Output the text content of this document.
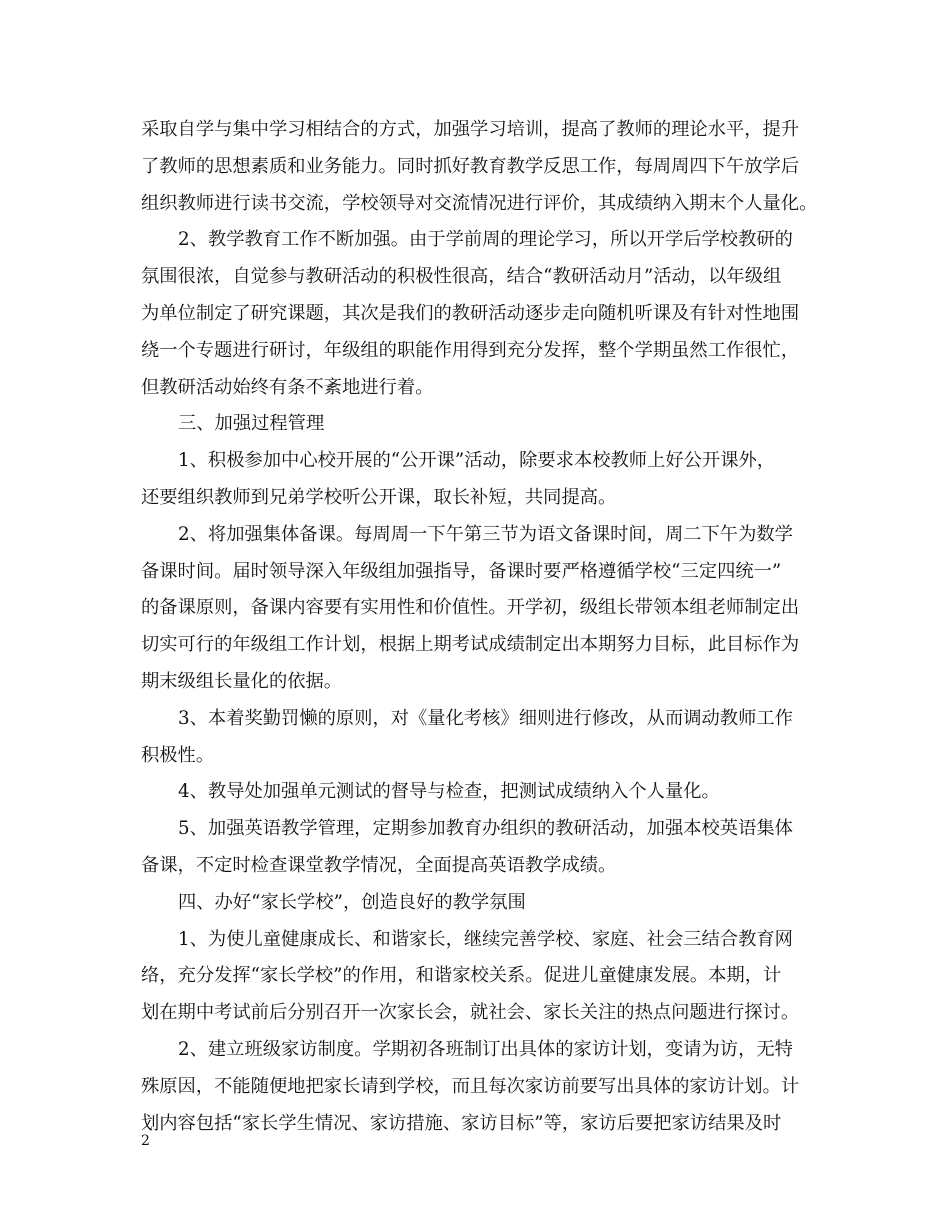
采取自学与集中学习相结合的方式，加强学习培训，提高了教师的理论水平，提升
了教师的思想素质和业务能力。同时抓好教育教学反思工作，每周周四下午放学后
组织教师进行读书交流，学校领导对交流情况进行评价，其成绩纳入期末个人量化。
2、教学教育工作不断加强。由于学前周的理论学习，所以开学后学校教研的
氛围很浓，自觉参与教研活动的积极性很高，结合“教研活动月”活动，以年级组
为单位制定了研究课题，其次是我们的教研活动逐步走向随机听课及有针对性地围
绕一个专题进行研讨，年级组的职能作用得到充分发挥，整个学期虽然工作很忙，
但教研活动始终有条不紊地进行着。
三、加强过程管理
1、积极参加中心校开展的“公开课”活动，除要求本校教师上好公开课外，
还要组织教师到兄弟学校听公开课，取长补短，共同提高。
2、将加强集体备课。每周周一下午第三节为语文备课时间，周二下午为数学
备课时间。届时领导深入年级组加强指导，备课时要严格遵循学校“三定四统一”
的备课原则，备课内容要有实用性和价值性。开学初，级组长带领本组老师制定出
切实可行的年级组工作计划，根据上期考试成绩制定出本期努力目标，此目标作为
期末级组长量化的依据。
3、本着奖勤罚懒的原则，对《量化考核》细则进行修改，从而调动教师工作
积极性。
4、教导处加强单元测试的督导与检查，把测试成绩纳入个人量化。
5、加强英语教学管理，定期参加教育办组织的教研活动，加强本校英语集体
备课，不定时检查课堂教学情况，全面提高英语教学成绩。
四、办好“家长学校”，创造良好的教学氛围
1、为使儿童健康成长、和谐家长，继续完善学校、家庭、社会三结合教育网
络，充分发挥“家长学校”的作用，和谐家校关系。促进儿童健康发展。本期，计
划在期中考试前后分别召开一次家长会，就社会、家长关注的热点问题进行探讨。
2、建立班级家访制度。学期初各班制订出具体的家访计划，变请为访，无特
殊原因，不能随便地把家长请到学校，而且每次家访前要写出具体的家访计划。计
划内容包括“家长学生情况、家访措施、家访目标”等，家访后要把家访结果及时
2
